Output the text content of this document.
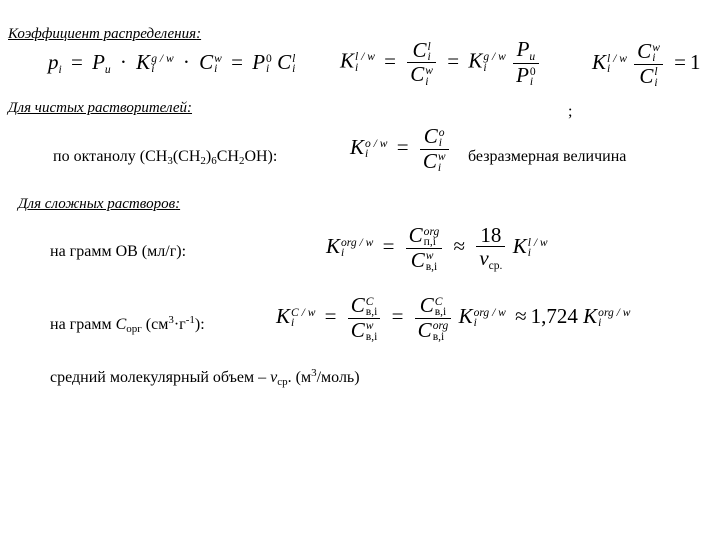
Коэффициент распределения:
$p_i = P_u \cdot K$ g / w
i	· C w
i = P 0
i C l
i K l / w
i	= C l
i
C w
i = K g / w
i
	$P_u$
P 0
i	K l / w
i
	C w
i
C l
i = 1
Для чистых растворителей:	;
по октанолу (CH3(CH2)6CH2OH):	K o / w
i	= C o
i
C w
i безразмерная величина
Для сложных растворов:
на грамм ОВ (мл/г):	K org / w
i	= C org
п,i
C w
$в,i \approx \frac{18}{\nu_{ср.}}$ K l / w
i
на грамм Cорг $(см^3\cdot г^{-1})$:	K C / w
i	= C C
в,i
C w
в,i = C C
в,i
C org
в,i K org / w
i	≈ 1,724 K org / w
i
средний молекулярный объем – νср. $(м^3/моль)$
